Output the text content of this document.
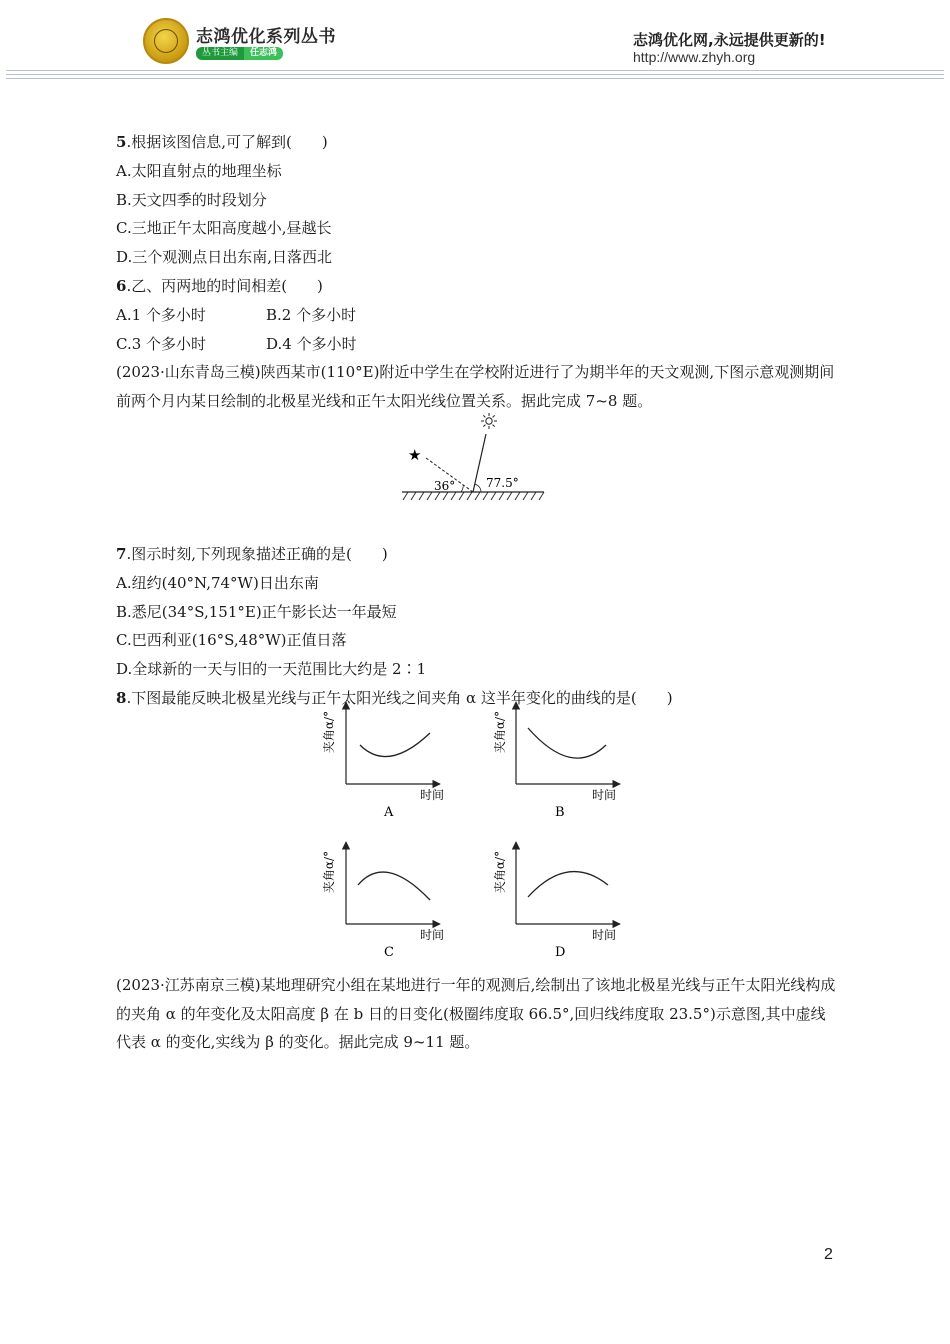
志鸿优化系列丛书
丛书主编	任志鸿
志鸿优化网,永远提供更新的!
http://www.zhyh.org
5.根据该图信息,可了解到(　　)
A.太阳直射点的地理坐标
B.天文四季的时段划分
C.三地正午太阳高度越小,昼越长
D.三个观测点日出东南,日落西北
6.乙、丙两地的时间相差(　　)
A.1 个多小时	B.2 个多小时
C.3 个多小时	D.4 个多小时
(2023·山东青岛三模)陕西某市(110°E)附近中学生在学校附近进行了为期半年的天文观测,下图示意观测期间前两个月内某日绘制的北极星光线和正午太阳光线位置关系。据此完成 7~8 题。
7.图示时刻,下列现象描述正确的是(　　)
A.纽约(40°N,74°W)日出东南
B.悉尼(34°S,151°E)正午影长达一年最短
C.巴西利亚(16°S,48°W)正值日落
D.全球新的一天与旧的一天范围比大约是 2∶1
8.下图最能反映北极星光线与正午太阳光线之间夹角 α 这半年变化的曲线的是(　　)
(2023·江苏南京三模)某地理研究小组在某地进行一年的观测后,绘制出了该地北极星光线与正午太阳光线构成的夹角 α 的年变化及太阳高度 β 在 b 日的日变化(极圈纬度取 66.5°,回归线纬度取 23.5°)示意图,其中虚线代表 α 的变化,实线为 β 的变化。据此完成 9~11 题。
★
36°	77.5°
夹角α/°
时间
A
夹角α/°
时间
B
夹角α/°
时间
C
夹角α/°
时间
D
2
